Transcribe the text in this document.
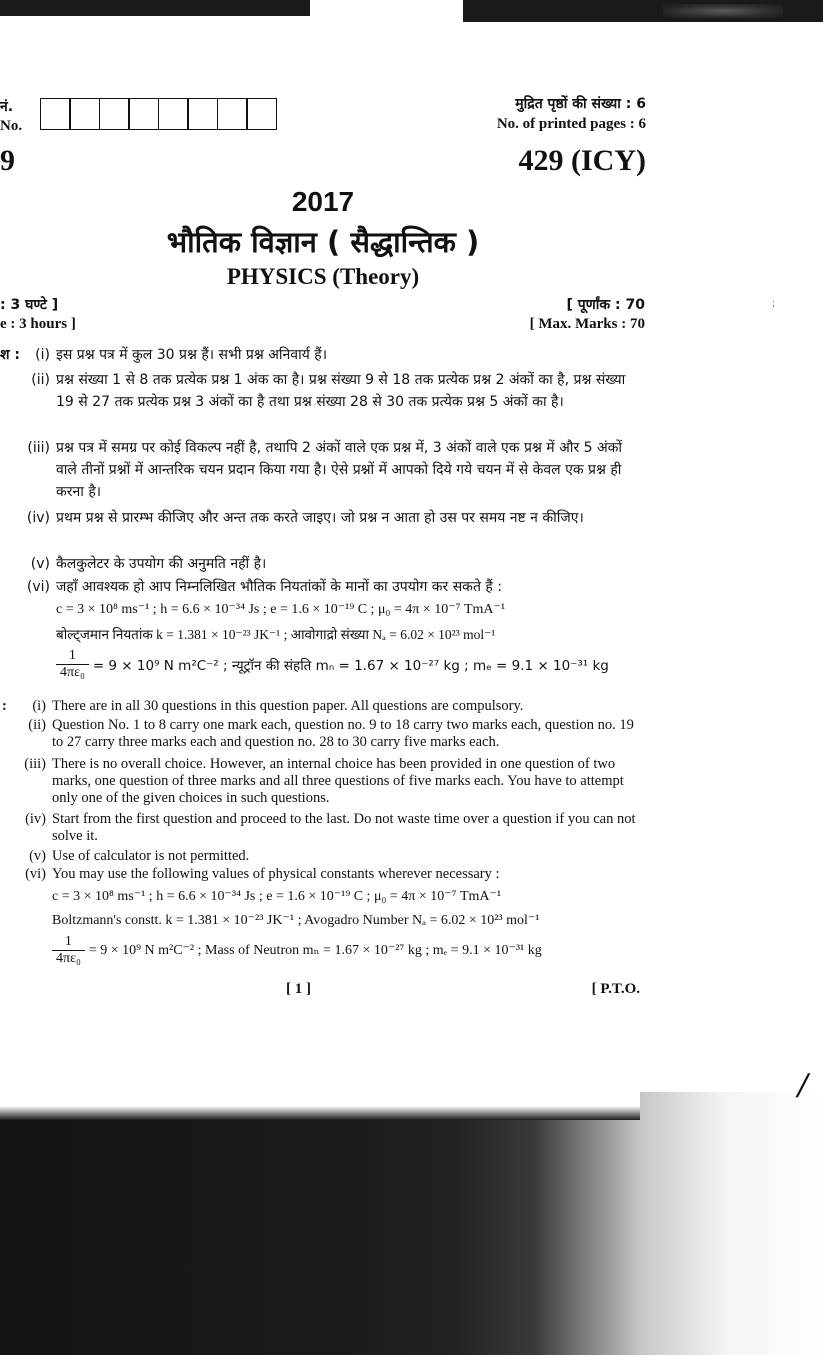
नं.
No.
मुद्रित पृष्ठों की संख्या : 6
No. of printed pages : 6
9	429 (ICY)
2017
भौतिक विज्ञान ( सैद्धान्तिक )
PHYSICS (Theory)
: 3 घण्टे ]
e : 3 hours ]
[ पूर्णांक : 70
[ Max. Marks : 70
;
श :	(i) इस प्रश्न पत्र में कुल 30 प्रश्न हैं। सभी प्रश्न अनिवार्य हैं।
(ii) प्रश्न संख्या 1 से 8 तक प्रत्येक प्रश्न 1 अंक का है। प्रश्न संख्या 9 से 18 तक प्रत्येक प्रश्न 2 अंकों का है, प्रश्न संख्या 19 से 27 तक प्रत्येक प्रश्न 3 अंकों का है तथा प्रश्न संख्या 28 से 30 तक प्रत्येक प्रश्न 5 अंकों का है।
(iii) प्रश्न पत्र में समग्र पर कोई विकल्प नहीं है, तथापि 2 अंकों वाले एक प्रश्न में, 3 अंकों वाले एक प्रश्न में और 5 अंकों वाले तीनों प्रश्नों में आन्तरिक चयन प्रदान किया गया है। ऐसे प्रश्नों में आपको दिये गये चयन में से केवल एक प्रश्न ही करना है।
(iv) प्रथम प्रश्न से प्रारम्भ कीजिए और अन्त तक करते जाइए। जो प्रश्न न आता हो उस पर समय नष्ट न कीजिए।
(v) कैलकुलेटर के उपयोग की अनुमति नहीं है।
(vi) जहाँ आवश्यक हो आप निम्नलिखित भौतिक नियतांकों के मानों का उपयोग कर सकते हैं :
c = 3 × 10⁸ ms⁻¹ ; h = 6.6 × 10⁻³⁴ Js ; e = 1.6 × 10⁻¹⁹ C ; μ₀ = 4π × 10⁻⁷ TmA⁻¹
बोल्ट्जमान नियतांक k = 1.381 × 10⁻²³ JK⁻¹ ; आवोगाद्रो संख्या Nₐ = 6.02 × 10²³ mol⁻¹
$\frac{1}{\text{4πε₀}} = 9 \times 10^9$ N m²C⁻² ; न्यूट्रॉन की संहति mₙ = 1.67 × 10⁻²⁷ kg ; mₑ = 9.1 × 10⁻³¹ kg
:	(i) There are in all 30 questions in this question paper. All questions are compulsory.
(ii) Question No. 1 to 8 carry one mark each, question no. 9 to 18 carry two marks each, question no. 19 to 27 carry three marks each and question no. 28 to 30 carry five marks each.
(iii) There is no overall choice. However, an internal choice has been provided in one question of two marks, one question of three marks and all three questions of five marks each. You have to attempt only one of the given choices in such questions.
(iv) Start from the first question and proceed to the last. Do not waste time over a question if you can not solve it.
(v) Use of calculator is not permitted.
(vi) You may use the following values of physical constants wherever necessary :
c = 3 × 10⁸ ms⁻¹ ; h = 6.6 × 10⁻³⁴ Js ; e = 1.6 × 10⁻¹⁹ C ; μ₀ = 4π × 10⁻⁷ TmA⁻¹
Boltzmann's constt. k = 1.381 × 10⁻²³ JK⁻¹ ; Avogadro Number Nₐ = 6.02 × 10²³ mol⁻¹
$\frac{1}{\text{4πε₀}} = 9 \times 10^9$ N m²C⁻² ; Mass of Neutron mₙ = 1.67 × 10⁻²⁷ kg ; mₑ = 9.1 × 10⁻³¹ kg
[ 1 ]	[ P.T.O.
/
